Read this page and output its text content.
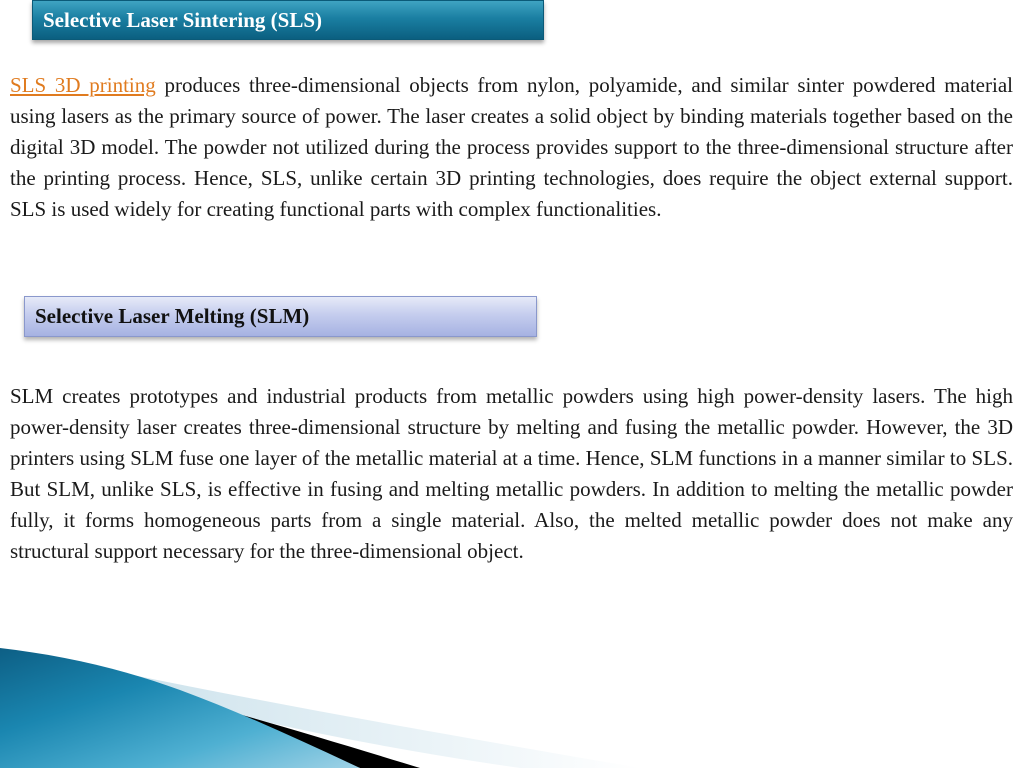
Selective Laser Sintering (SLS)

SLS 3D printing produces three-dimensional objects from nylon, polyamide, and similar sinter powdered material using lasers as the primary source of power. The laser creates a solid object by binding materials together based on the digital 3D model. The powder not utilized during the process provides support to the three-dimensional structure after the printing process. Hence, SLS, unlike certain 3D printing technologies, does require the object external support. SLS is used widely for creating functional parts with complex functionalities.

Selective Laser Melting (SLM)

SLM creates prototypes and industrial products from metallic powders using high power-density lasers. The high power-density laser creates three-dimensional structure by melting and fusing the metallic powder. However, the 3D printers using SLM fuse one layer of the metallic material at a time. Hence, SLM functions in a manner similar to SLS. But SLM, unlike SLS, is effective in fusing and melting metallic powders. In addition to melting the metallic powder fully, it forms homogeneous parts from a single material. Also, the melted metallic powder does not make any structural support necessary for the three-dimensional object.
